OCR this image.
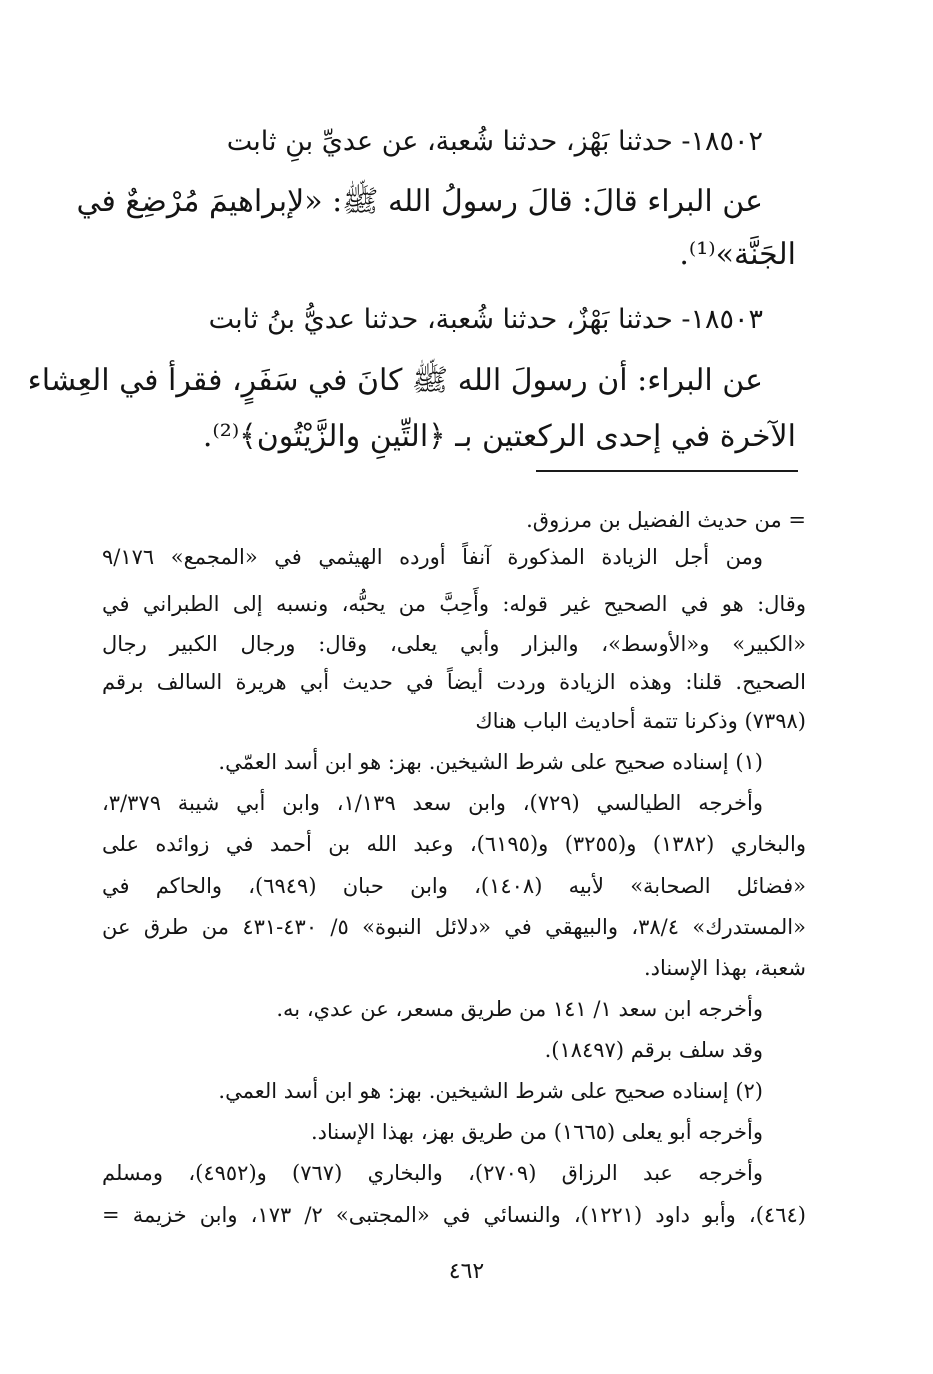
١٨٥٠٢- حدثنا بَهْز، حدثنا شُعبة، عن عديِّ بنِ ثابت
عن البراء قالَ: قالَ رسولُ الله ﷺ: «لإبراهيمَ مُرْضِعٌ في
الجَنَّة»⁽¹⁾.
١٨٥٠٣- حدثنا بَهْزٌ، حدثنا شُعبة، حدثنا عديُّ بنُ ثابت
عن البراء: أن رسولَ الله ﷺ كانَ في سَفَرٍ، فقرأ في العِشاء
الآخرة في إحدى الركعتين بـ ﴿التِّينِ والزَّيْتُون﴾⁽²⁾.
= من حديث الفضيل بن مرزوق.
ومن أجل الزيادة المذكورة آنفاً أورده الهيثمي في «المجمع» ٩/١٧٦
وقال: هو في الصحيح غير قوله: وأَحِبَّ من يحبُّه، ونسبه إلى الطبراني في
«الكبير» و«الأوسط»، والبزار وأبي يعلى، وقال: ورجال الكبير رجال
الصحيح. قلنا: وهذه الزيادة وردت أيضاً في حديث أبي هريرة السالف برقم
(٧٣٩٨) وذكرنا تتمة أحاديث الباب هناك
(١) إسناده صحيح على شرط الشيخين. بهز: هو ابن أسد العمّي.
وأخرجه الطيالسي (٧٢٩)، وابن سعد ١/١٣٩، وابن أبي شيبة ٣/٣٧٩،
والبخاري (١٣٨٢) و(٣٢٥٥) و(٦١٩٥)، وعبد الله بن أحمد في زوائده على
«فضائل الصحابة» لأبيه (١٤٠٨)، وابن حبان (٦٩٤٩)، والحاكم في
«المستدرك» ٣٨/٤، والبيهقي في «دلائل النبوة» ٥/ ٤٣٠-٤٣١ من طرق عن
شعبة، بهذا الإسناد.
وأخرجه ابن سعد ١/ ١٤١ من طريق مسعر، عن عدي، به.
وقد سلف برقم (١٨٤٩٧).
(٢) إسناده صحيح على شرط الشيخين. بهز: هو ابن أسد العمي.
وأخرجه أبو يعلى (١٦٦٥) من طريق بهز، بهذا الإسناد.
وأخرجه عبد الرزاق (٢٧٠٩)، والبخاري (٧٦٧) و(٤٩٥٢)، ومسلم
(٤٦٤)، وأبو داود (١٢٢١)، والنسائي في «المجتبى» ٢/ ١٧٣، وابن خزيمة =
٤٦٢
